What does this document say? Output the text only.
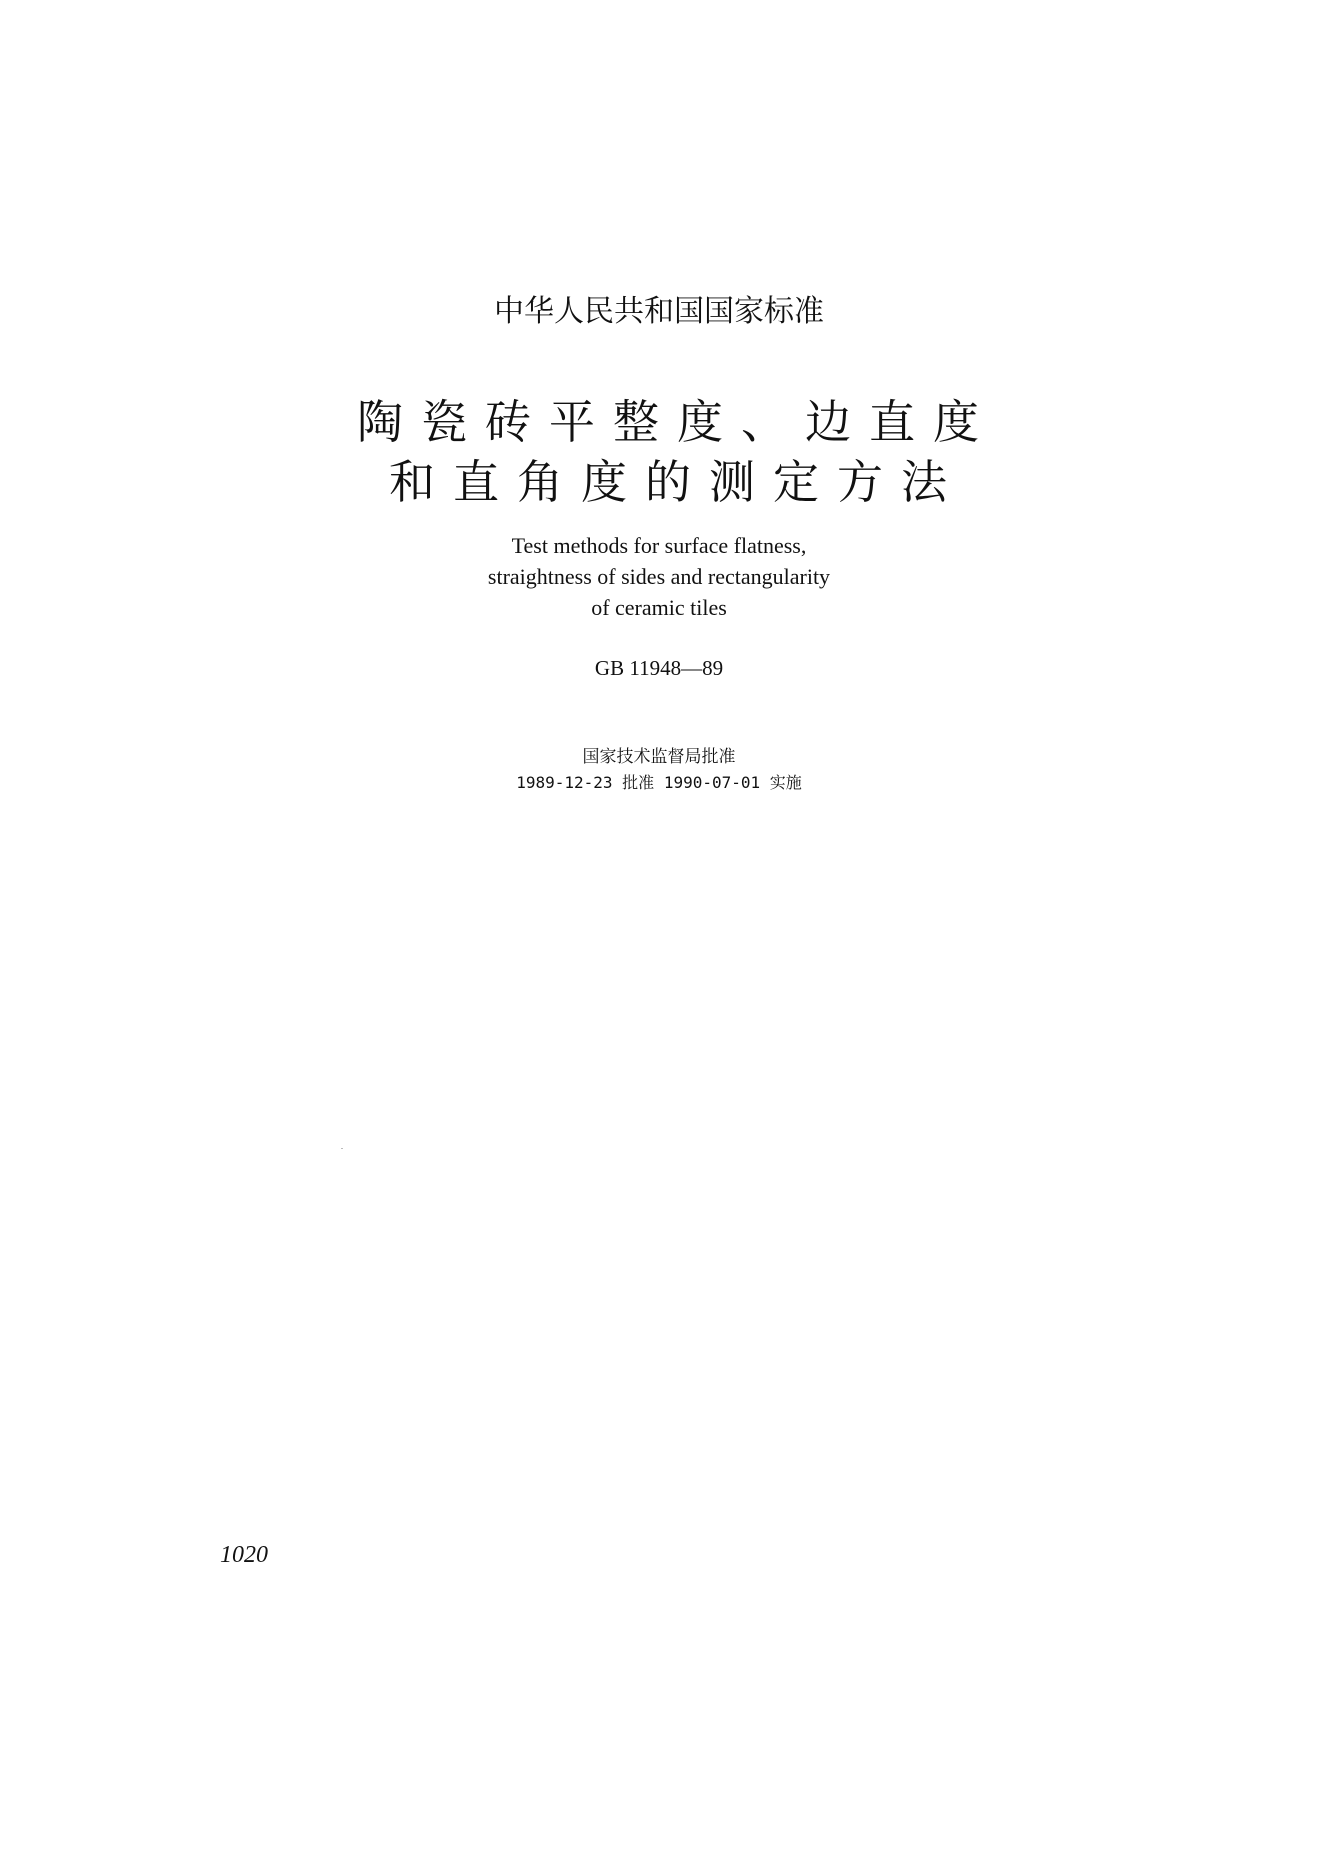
中华人民共和国国家标准
陶瓷砖平整度、边直度
和直角度的测定方法
Test methods for surface flatness,
straightness of sides and rectangularity
of ceramic tiles
GB 11948—89
国家技术监督局批准
1989-12-23 批准 1990-07-01 实施
1020
